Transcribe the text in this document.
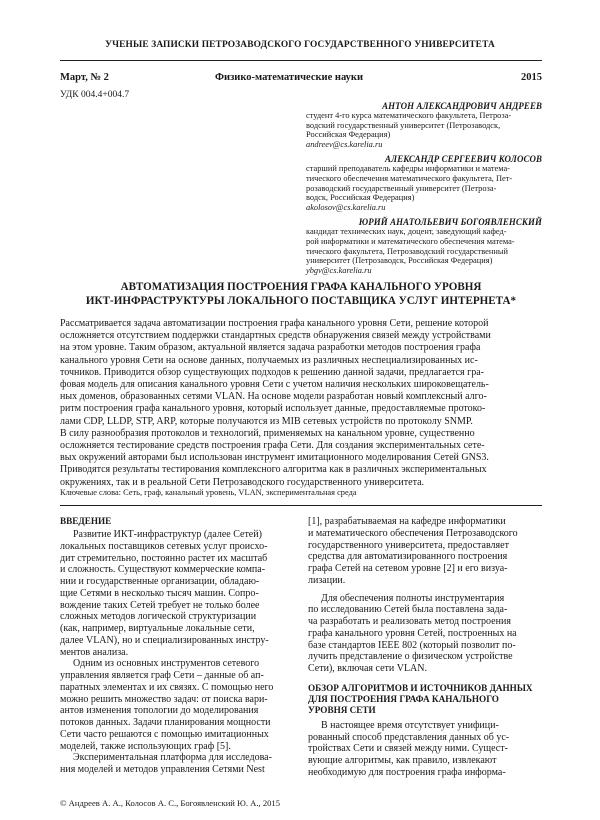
УЧЕНЫЕ ЗАПИСКИ ПЕТРОЗАВОДСКОГО ГОСУДАРСТВЕННОГО УНИВЕРСИТЕТА
Март, № 2	Физико-математические науки	2015
УДК 004.4+004.7
АНТОН АЛЕКСАНДРОВИЧ АНДРЕЕВ
студент 4-го курса математического факультета, Петроза-
водский государственный университет (Петрозаводск,
Российская Федерация)
andreev@cs.karelia.ru
АЛЕКСАНДР СЕРГЕЕВИЧ КОЛОСОВ
старший преподаватель кафедры информатики и матема-
тического обеспечения математического факультета, Пет-
розаводский государственный университет (Петроза-
водск, Российская Федерация)
akolosov@cs.karelia.ru
ЮРИЙ АНАТОЛЬЕВИЧ БОГОЯВЛЕНСКИЙ
кандидат технических наук, доцент, заведующий кафед-
рой информатики и математического обеспечения матема-
тического факультета, Петрозаводский государственный
университет (Петрозаводск, Российская Федерация)
ybgv@cs.karelia.ru
АВТОМАТИЗАЦИЯ ПОСТРОЕНИЯ ГРАФА КАНАЛЬНОГО УРОВНЯ
ИКТ-ИНФРАСТРУКТУРЫ ЛОКАЛЬНОГО ПОСТАВЩИКА УСЛУГ ИНТЕРНЕТА*
Рассматривается задача автоматизации построения графа канального уровня Сети, решение которой
осложняется отсутствием поддержки стандартных средств обнаружения связей между устройствами
на этом уровне. Таким образом, актуальной является задача разработки методов построения графа
канального уровня Сети на основе данных, получаемых из различных неспециализированных ис-
точников. Приводится обзор существующих подходов к решению данной задачи, предлагается гра-
фовая модель для описания канального уровня Сети с учетом наличия нескольких широковещатель-
ных доменов, образованных сетями VLAN. На основе модели разработан новый комплексный алго-
ритм построения графа канального уровня, который использует данные, предоставляемые протоко-
лами CDP, LLDP, STP, ARP, которые получаются из MIB сетевых устройств по протоколу SNMP.
В силу разнообразия протоколов и технологий, применяемых на канальном уровне, существенно
осложняется тестирование средств построения графа Сети. Для создания экспериментальных сете-
вых окружений авторами был использован инструмент имитационного моделирования Сетей GNS3.
Приводятся результаты тестирования комплексного алгоритма как в различных экспериментальных
окружениях, так и в реальной Сети Петрозаводского государственного университета.
Ключевые слова: Сеть, граф, канальный уровень, VLAN, экспериментальная среда
ВВЕДЕНИЕ
Развитие ИКТ-инфраструктур (далее Сетей)
локальных поставщиков сетевых услуг происхо-
дит стремительно, постоянно растет их масштаб
и сложность. Существуют коммерческие компа-
нии и государственные организации, обладаю-
щие Сетями в несколько тысяч машин. Сопро-
вождение таких Сетей требует не только более
сложных методов логической структуризации
(как, например, виртуальные локальные сети,
далее VLAN), но и специализированных инстру-
ментов анализа.
Одним из основных инструментов сетевого
управления является граф Сети – данные об ап-
паратных элементах и их связях. С помощью него
можно решить множество задач: от поиска вари-
антов изменения топологии до моделирования
потоков данных. Задачи планирования мощности
Сети часто решаются с помощью имитационных
моделей, также использующих граф [5].
Экспериментальная платформа для исследова-
ния моделей и методов управления Сетями Nest
[1], разрабатываемая на кафедре информатики
и математического обеспечения Петрозаводского
государственного университета, предоставляет
средства для автоматизированного построения
графа Сетей на сетевом уровне [2] и его визуа-
лизации.
Для обеспечения полноты инструментария
по исследованию Сетей была поставлена зада-
ча разработать и реализовать метод построения
графа канального уровня Сетей, построенных на
базе стандартов IEEE 802 (который позволит по-
лучить представление о физическом устройстве
Сети), включая сети VLAN.
ОБЗОР АЛГОРИТМОВ И ИСТОЧНИКОВ ДАННЫХ
ДЛЯ ПОСТРОЕНИЯ ГРАФА КАНАЛЬНОГО
УРОВНЯ СЕТИ
В настоящее время отсутствует унифици-
рованный способ представления данных об ус-
тройствах Сети и связей между ними. Сущест-
вующие алгоритмы, как правило, извлекают
необходимую для построения графа информа-
© Андреев А. А., Колосов А. С., Богоявленский Ю. А., 2015
